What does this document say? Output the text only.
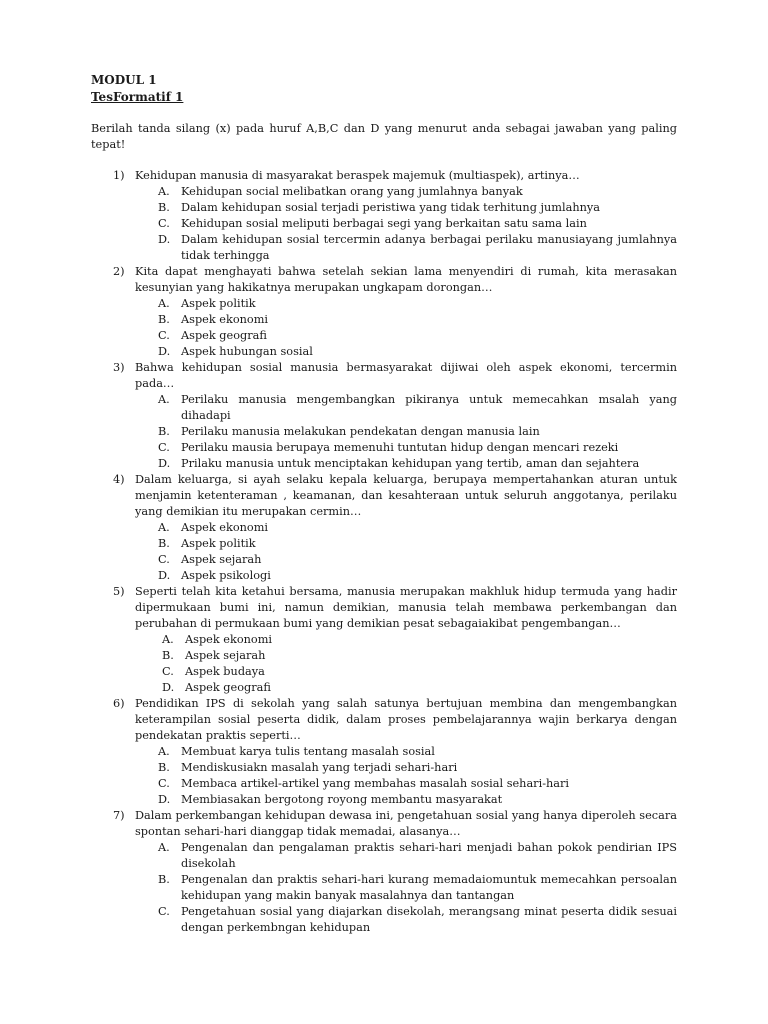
MODUL 1
TesFormatif 1

Berilah tanda silang (x) pada huruf A,B,C dan D yang menurut anda sebagai jawaban yang paling tepat!

1) Kehidupan manusia di masyarakat beraspek majemuk (multiaspek), artinya…
A. Kehidupan social melibatkan orang yang jumlahnya banyak
B. Dalam kehidupan sosial terjadi peristiwa yang tidak terhitung jumlahnya
C. Kehidupan sosial meliputi berbagai segi yang berkaitan satu sama lain
D. Dalam kehidupan sosial tercermin adanya berbagai perilaku manusiayang jumlahnya tidak terhingga
2) Kita dapat menghayati bahwa setelah sekian lama menyendiri di rumah, kita merasakan kesunyian yang hakikatnya merupakan ungkapam dorongan…
A. Aspek politik
B. Aspek ekonomi
C. Aspek geografi
D. Aspek hubungan sosial
3) Bahwa kehidupan sosial manusia bermasyarakat dijiwai oleh aspek ekonomi, tercermin pada…
A. Perilaku manusia mengembangkan pikiranya untuk memecahkan msalah yang dihadapi
B. Perilaku manusia melakukan pendekatan dengan manusia lain
C. Perilaku mausia berupaya memenuhi tuntutan hidup dengan mencari rezeki
D. Prilaku manusia untuk menciptakan kehidupan yang tertib, aman dan sejahtera
4) Dalam keluarga, si ayah selaku kepala keluarga, berupaya mempertahankan aturan untuk menjamin ketenteraman , keamanan, dan kesahteraan untuk seluruh anggotanya, perilaku yang demikian itu merupakan cermin…
A. Aspek ekonomi
B. Aspek politik
C. Aspek sejarah
D. Aspek psikologi
5) Seperti telah kita ketahui bersama, manusia merupakan makhluk hidup termuda yang hadir dipermukaan bumi ini, namun demikian, manusia telah membawa perkembangan dan perubahan di permukaan bumi yang demikian pesat sebagaiakibat pengembangan…
A. Aspek ekonomi
B. Aspek sejarah
C. Aspek budaya
D. Aspek geografi
6) Pendidikan IPS di sekolah yang salah satunya bertujuan membina dan mengembangkan keterampilan sosial peserta didik, dalam proses pembelajarannya wajin berkarya dengan pendekatan praktis seperti…
A. Membuat karya tulis tentang masalah sosial
B. Mendiskusiakn masalah yang terjadi sehari-hari
C. Membaca artikel-artikel yang membahas masalah sosial sehari-hari
D. Membiasakan bergotong royong membantu masyarakat
7) Dalam perkembangan kehidupan dewasa ini, pengetahuan sosial yang hanya diperoleh secara spontan sehari-hari dianggap tidak memadai, alasanya…
A. Pengenalan dan pengalaman praktis sehari-hari menjadi bahan pokok pendirian IPS disekolah
B. Pengenalan dan praktis sehari-hari kurang memadaiomuntuk memecahkan persoalan kehidupan yang makin banyak masalahnya dan tantangan
C. Pengetahuan sosial yang diajarkan disekolah, merangsang minat peserta didik sesuai dengan perkembngan kehidupan
